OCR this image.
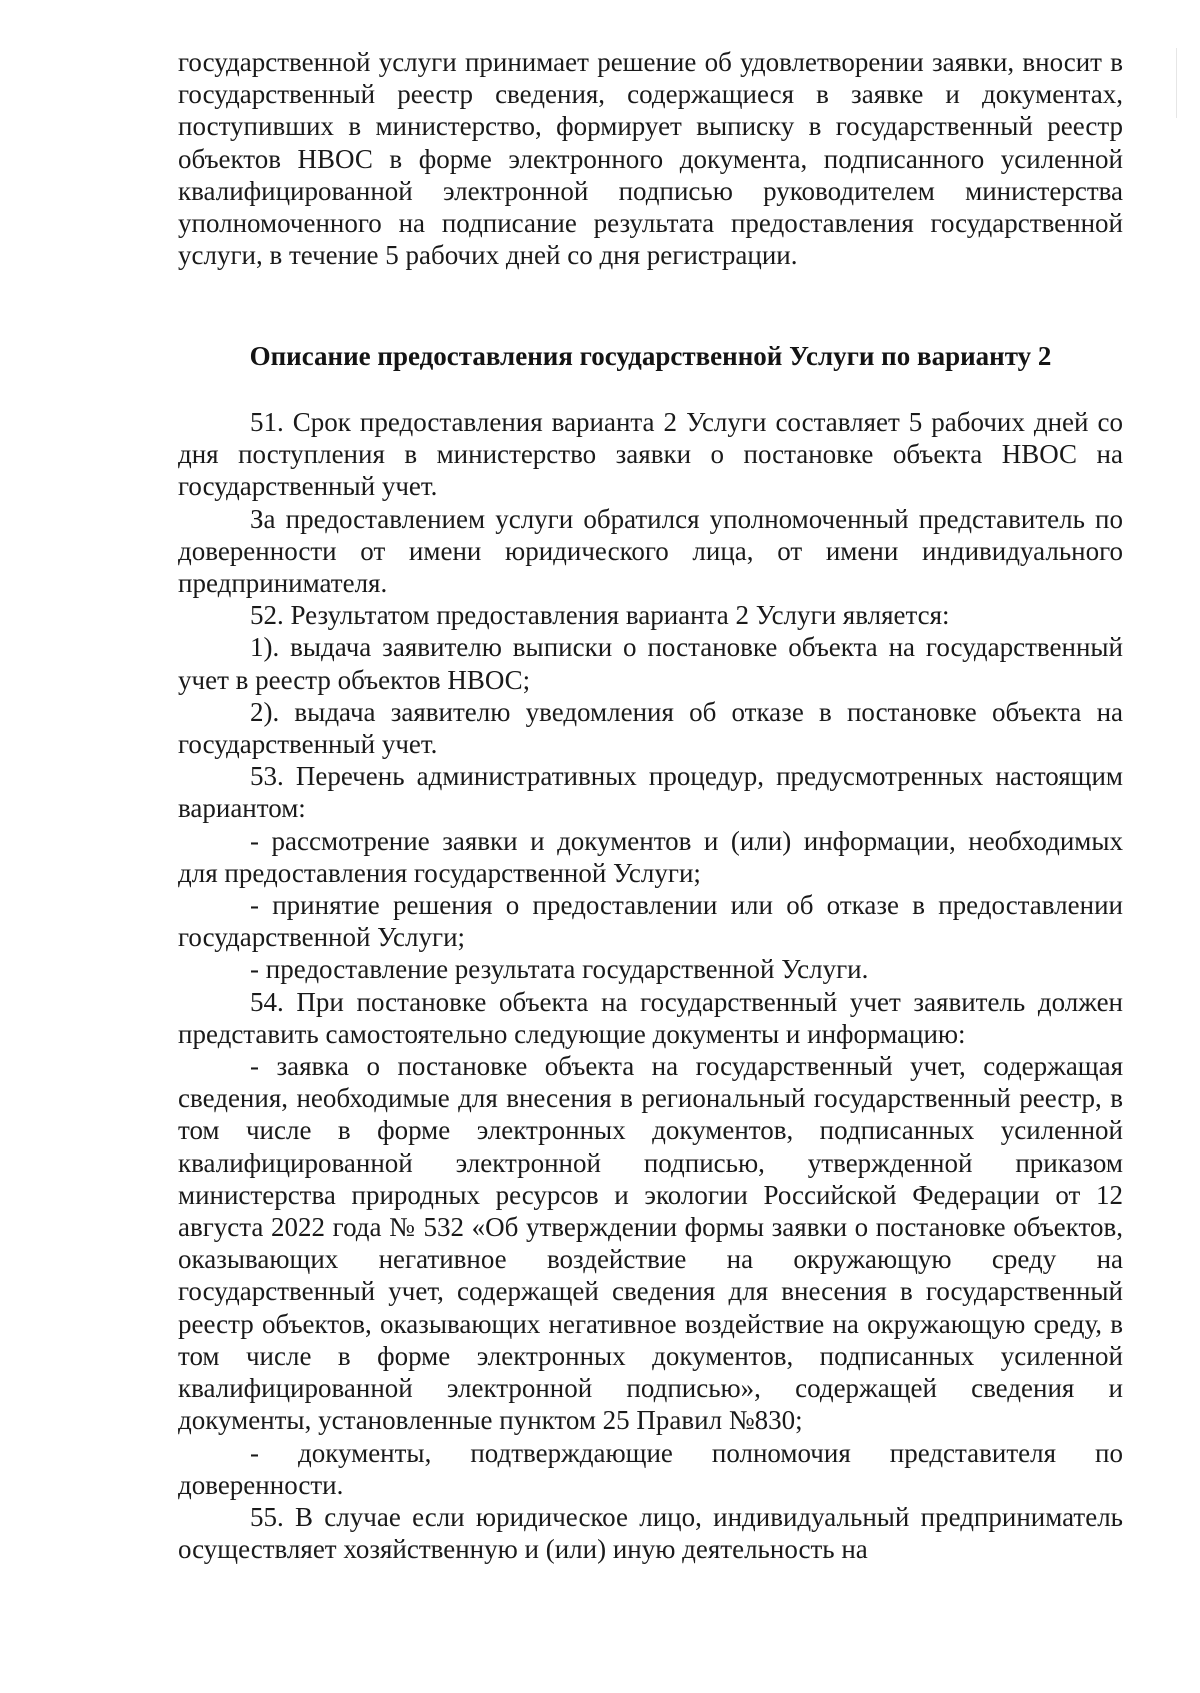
государственной услуги принимает решение об удовлетворении заявки, вносит в государственный реестр сведения, содержащиеся в заявке и документах, поступивших в министерство, формирует выписку в государственный реестр объектов НВОС в форме электронного документа, подписанного усиленной квалифицированной электронной подписью руководителем министерства уполномоченного на подписание результата предоставления государственной услуги, в течение 5 рабочих дней со дня регистрации.

Описание предоставления государственной Услуги по варианту 2

51. Срок предоставления варианта 2 Услуги составляет 5 рабочих дней со дня поступления в министерство заявки о постановке объекта НВОС на государственный учет.

За предоставлением услуги обратился уполномоченный представитель по доверенности от имени юридического лица, от имени индивидуального предпринимателя.

52. Результатом предоставления варианта 2 Услуги является:

1). выдача заявителю выписки о постановке объекта на государственный учет в реестр объектов НВОС;

2). выдача заявителю уведомления об отказе в постановке объекта на государственный учет.

53. Перечень административных процедур, предусмотренных настоящим вариантом:

- рассмотрение заявки и документов и (или) информации, необходимых для предоставления государственной Услуги;

- принятие решения о предоставлении или об отказе в предоставлении государственной Услуги;

- предоставление результата государственной Услуги.

54. При постановке объекта на государственный учет заявитель должен представить самостоятельно следующие документы и информацию:

- заявка о постановке объекта на государственный учет, содержащая сведения, необходимые для внесения в региональный государственный реестр, в том числе в форме электронных документов, подписанных усиленной квалифицированной электронной подписью, утвержденной приказом министерства природных ресурсов и экологии Российской Федерации от 12 августа 2022 года № 532 «Об утверждении формы заявки о постановке объектов, оказывающих негативное воздействие на окружающую среду на государственный учет, содержащей сведения для внесения в государственный реестр объектов, оказывающих негативное воздействие на окружающую среду, в том числе в форме электронных документов, подписанных усиленной квалифицированной электронной подписью», содержащей сведения и документы, установленные пунктом 25 Правил №830;

- документы, подтверждающие полномочия представителя по доверенности.

55. В случае если юридическое лицо, индивидуальный предприниматель осуществляет хозяйственную и (или) иную деятельность на
